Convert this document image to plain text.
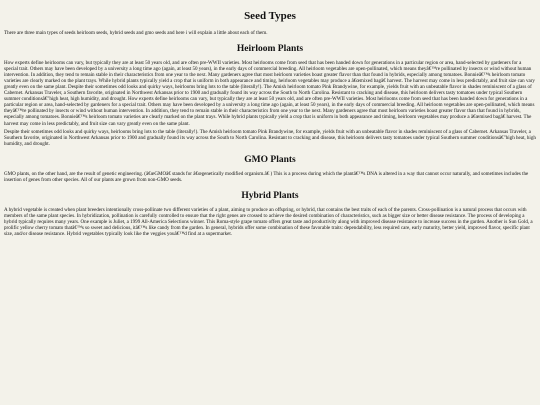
Seed Types

There are three main types of seeds heirloom seeds, hybrid seeds and gmo seeds and here i will explain a little about each of them.

Heirloom Plants

How experts define heirlooms can vary, but typically they are at least 50 years old, and are often pre-WWII varieties. Most heirlooms come from seed that has been handed down for generations in a particular region or area, hand-selected by gardeners for a special trait. Others may have been developed by a university a long time ago (again, at least 50 years), in the early days of commercial breeding. All heirloom vegetables are open-pollinated, which means theyâ€™re pollinated by insects or wind without human intervention. In addition, they tend to remain stable in their characteristics from one year to the next. Many gardeners agree that most heirloom varieties boast greater flavor than that found in hybrids, especially among tomatoes. Bonnieâ€™s heirloom tomato varieties are clearly marked on the plant trays. While hybrid plants typically yield a crop that is uniform in both appearance and timing, heirloom vegetables may produce a â€œmixed bagâ€ harvest. The harvest may come in less predictably, and fruit size can vary greatly even on the same plant. Despite their sometimes odd looks and quirky ways, heirlooms bring lots to the table (literally!). The Amish heirloom tomato Pink Brandywine, for example, yields fruit with an unbeatable flavor in shades reminiscent of a glass of Cabernet. Arkansas Traveler, a Southern favorite, originated in Northwest Arkansas prior to 1900 and gradually found its way across the South to North Carolina. Resistant to cracking and disease, this heirloom delivers tasty tomatoes under typical Southern summer conditionsâ€"high heat, high humidity, and drought. How experts define heirlooms can vary, but typically they are at least 50 years old, and are often pre-WWII varieties. Most heirlooms come from seed that has been handed down for generations in a particular region or area, hand-selected by gardeners for a special trait. Others may have been developed by a university a long time ago (again, at least 50 years), in the early days of commercial breeding. All heirloom vegetables are open-pollinated, which means theyâ€™re pollinated by insects or wind without human intervention. In addition, they tend to remain stable in their characteristics from one year to the next. Many gardeners agree that most heirloom varieties boast greater flavor than that found in hybrids, especially among tomatoes. Bonnieâ€™s heirloom tomato varieties are clearly marked on the plant trays. While hybrid plants typically yield a crop that is uniform in both appearance and timing, heirloom vegetables may produce a â€œmixed bagâ€ harvest. The harvest may come in less predictably, and fruit size can vary greatly even on the same plant.

Despite their sometimes odd looks and quirky ways, heirlooms bring lots to the table (literally!). The Amish heirloom tomato Pink Brandywine, for example, yields fruit with an unbeatable flavor in shades reminiscent of a glass of Cabernet. Arkansas Traveler, a Southern favorite, originated in Northwest Arkansas prior to 1900 and gradually found its way across the South to North Carolina. Resistant to cracking and disease, this heirloom delivers tasty tomatoes under typical Southern summer conditionsâ€"high heat, high humidity, and drought.

GMO Plants

GMO plants, on the other hand, are the result of genetic engineering. (â€œGMOâ€ stands for â€œgenetically modified organism.â€ ) This is a process during which the plantâ€™s DNA is altered in a way that cannot occur naturally, and sometimes includes the insertion of genes from other species. All of our plants are grown from non-GMO seeds.

Hybrid Plants

A hybrid vegetable is created when plant breeders intentionally cross-pollinate two different varieties of a plant, aiming to produce an offspring, or hybrid, that contains the best traits of each of the parents. Cross-pollination is a natural process that occurs with members of the same plant species. In hybridization, pollination is carefully controlled to ensure that the right genes are crossed to achieve the desired combination of characteristics, such as bigger size or better disease resistance. The process of developing a hybrid typically requires many years. One example is Juliet, a 1999 All-America Selections winner. This Roma-style grape tomato offers great taste and productivity along with improved disease resistance to increase success in the garden. Another is Sun Gold, a prolific yellow cherry tomato thatâ€™s so sweet and delicious, itâ€™s like candy from the garden. In general, hybrids offer some combination of these favorable traits: dependability, less required care, early maturity, better yield, improved flavor, specific plant size, and/or disease resistance. Hybrid vegetables typically look like the veggies youâ€™d find at a supermarket.
